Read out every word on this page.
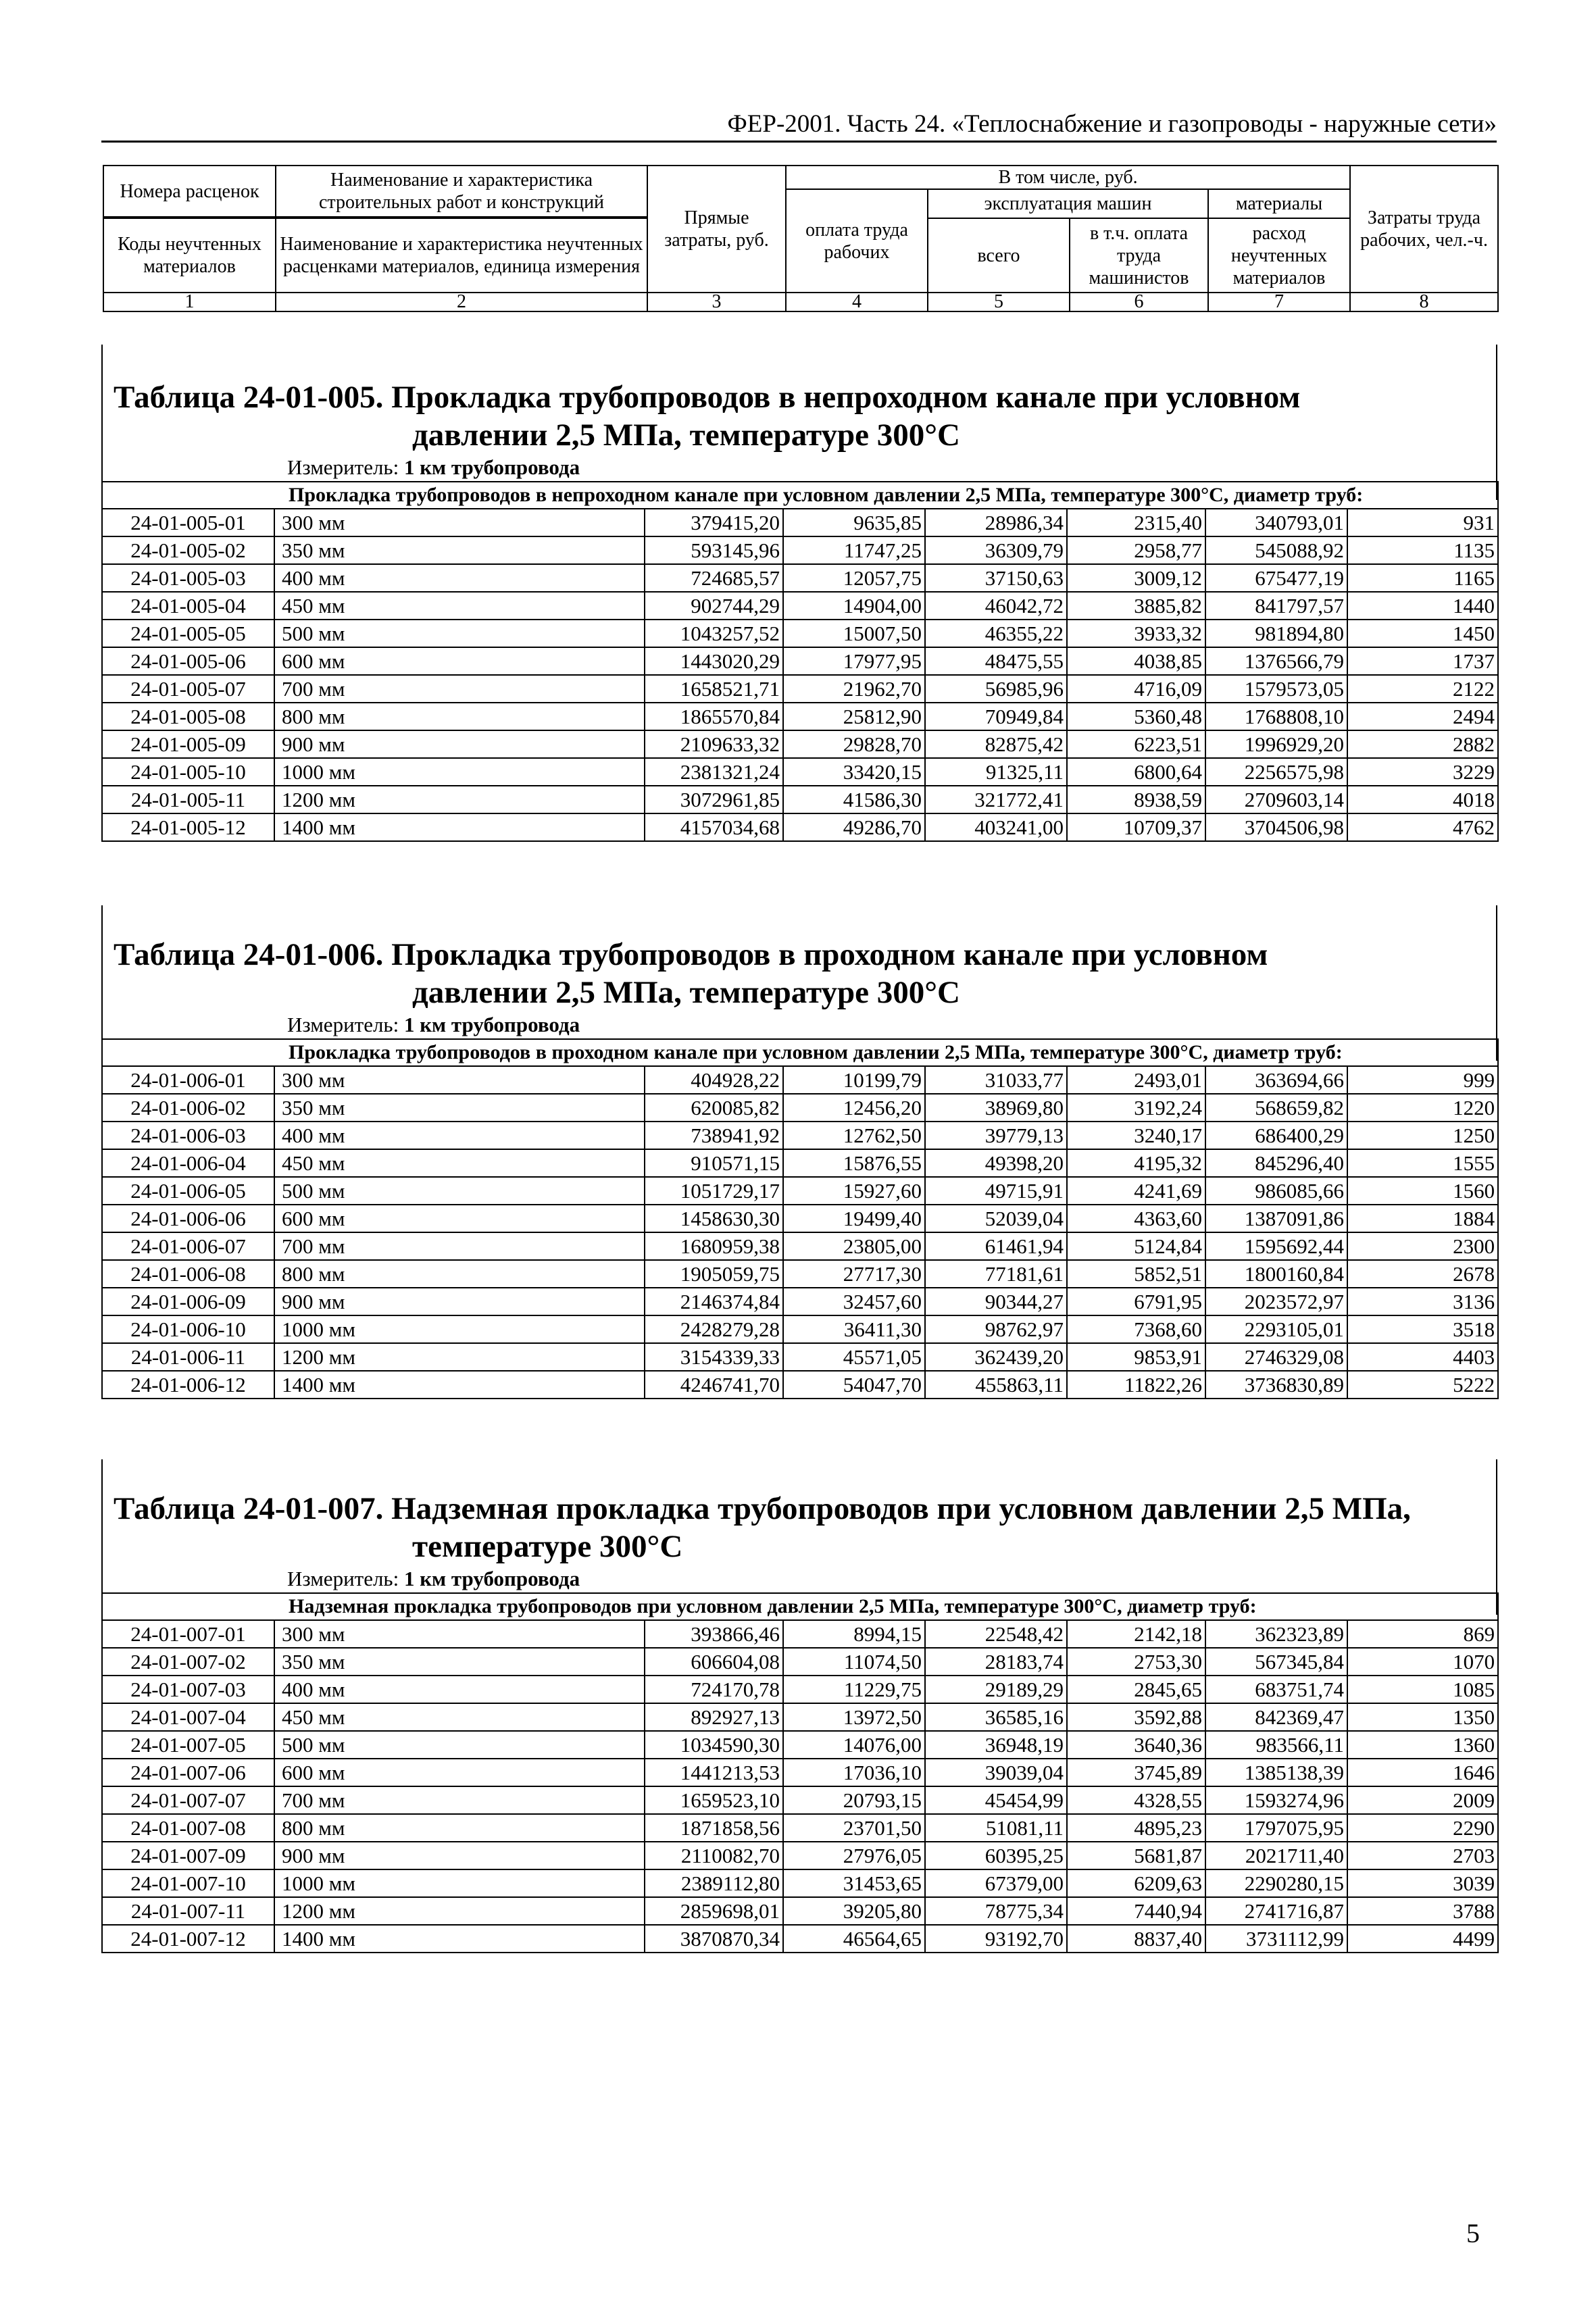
ФЕР-2001. Часть 24. «Теплоснабжение и газопроводы - наружные сети»
Номера расценок	Наименование и характеристика строительных работ и конструкций	Прямые затраты, руб.	В том числе, руб.				Затраты труда рабочих, чел.-ч.
			оплата труда рабочих	эксплуатация машин		материалы	
Коды неучтенных материалов	Наименование и характеристика неучтенных расценками материалов, единица измерения			всего	в т.ч. оплата труда машинистов	расход неучтенных материалов	

1	2	3	4	5	6	7	8
Таблица 24-01-005. Прокладка трубопроводов в непроходном канале при условном
давлении 2,5 МПа, температуре 300°С
Измеритель: 1 км трубопровода
Прокладка трубопроводов в непроходном канале при условном давлении 2,5 МПа, температуре 300°С, диаметр труб:							
24-01-005-01	300 мм	379415,20	9635,85	28986,34	2315,40	340793,01	931
24-01-005-02	350 мм	593145,96	11747,25	36309,79	2958,77	545088,92	1135
24-01-005-03	400 мм	724685,57	12057,75	37150,63	3009,12	675477,19	1165
24-01-005-04	450 мм	902744,29	14904,00	46042,72	3885,82	841797,57	1440
24-01-005-05	500 мм	1043257,52	15007,50	46355,22	3933,32	981894,80	1450
24-01-005-06	600 мм	1443020,29	17977,95	48475,55	4038,85	1376566,79	1737
24-01-005-07	700 мм	1658521,71	21962,70	56985,96	4716,09	1579573,05	2122
24-01-005-08	800 мм	1865570,84	25812,90	70949,84	5360,48	1768808,10	2494
24-01-005-09	900 мм	2109633,32	29828,70	82875,42	6223,51	1996929,20	2882
24-01-005-10	1000 мм	2381321,24	33420,15	91325,11	6800,64	2256575,98	3229
24-01-005-11	1200 мм	3072961,85	41586,30	321772,41	8938,59	2709603,14	4018
24-01-005-12	1400 мм	4157034,68	49286,70	403241,00	10709,37	3704506,98	4762
Таблица 24-01-006. Прокладка трубопроводов в проходном канале при условном
давлении 2,5 МПа, температуре 300°С
Измеритель: 1 км трубопровода
Прокладка трубопроводов в проходном канале при условном давлении 2,5 МПа, температуре 300°С, диаметр труб:							
24-01-006-01	300 мм	404928,22	10199,79	31033,77	2493,01	363694,66	999
24-01-006-02	350 мм	620085,82	12456,20	38969,80	3192,24	568659,82	1220
24-01-006-03	400 мм	738941,92	12762,50	39779,13	3240,17	686400,29	1250
24-01-006-04	450 мм	910571,15	15876,55	49398,20	4195,32	845296,40	1555
24-01-006-05	500 мм	1051729,17	15927,60	49715,91	4241,69	986085,66	1560
24-01-006-06	600 мм	1458630,30	19499,40	52039,04	4363,60	1387091,86	1884
24-01-006-07	700 мм	1680959,38	23805,00	61461,94	5124,84	1595692,44	2300
24-01-006-08	800 мм	1905059,75	27717,30	77181,61	5852,51	1800160,84	2678
24-01-006-09	900 мм	2146374,84	32457,60	90344,27	6791,95	2023572,97	3136
24-01-006-10	1000 мм	2428279,28	36411,30	98762,97	7368,60	2293105,01	3518
24-01-006-11	1200 мм	3154339,33	45571,05	362439,20	9853,91	2746329,08	4403
24-01-006-12	1400 мм	4246741,70	54047,70	455863,11	11822,26	3736830,89	5222
Таблица 24-01-007. Надземная прокладка трубопроводов при условном давлении 2,5 МПа,
температуре 300°С
Измеритель: 1 км трубопровода
Надземная прокладка трубопроводов при условном давлении 2,5 МПа, температуре 300°С, диаметр труб:							
24-01-007-01	300 мм	393866,46	8994,15	22548,42	2142,18	362323,89	869
24-01-007-02	350 мм	606604,08	11074,50	28183,74	2753,30	567345,84	1070
24-01-007-03	400 мм	724170,78	11229,75	29189,29	2845,65	683751,74	1085
24-01-007-04	450 мм	892927,13	13972,50	36585,16	3592,88	842369,47	1350
24-01-007-05	500 мм	1034590,30	14076,00	36948,19	3640,36	983566,11	1360
24-01-007-06	600 мм	1441213,53	17036,10	39039,04	3745,89	1385138,39	1646
24-01-007-07	700 мм	1659523,10	20793,15	45454,99	4328,55	1593274,96	2009
24-01-007-08	800 мм	1871858,56	23701,50	51081,11	4895,23	1797075,95	2290
24-01-007-09	900 мм	2110082,70	27976,05	60395,25	5681,87	2021711,40	2703
24-01-007-10	1000 мм	2389112,80	31453,65	67379,00	6209,63	2290280,15	3039
24-01-007-11	1200 мм	2859698,01	39205,80	78775,34	7440,94	2741716,87	3788
24-01-007-12	1400 мм	3870870,34	46564,65	93192,70	8837,40	3731112,99	4499
5
